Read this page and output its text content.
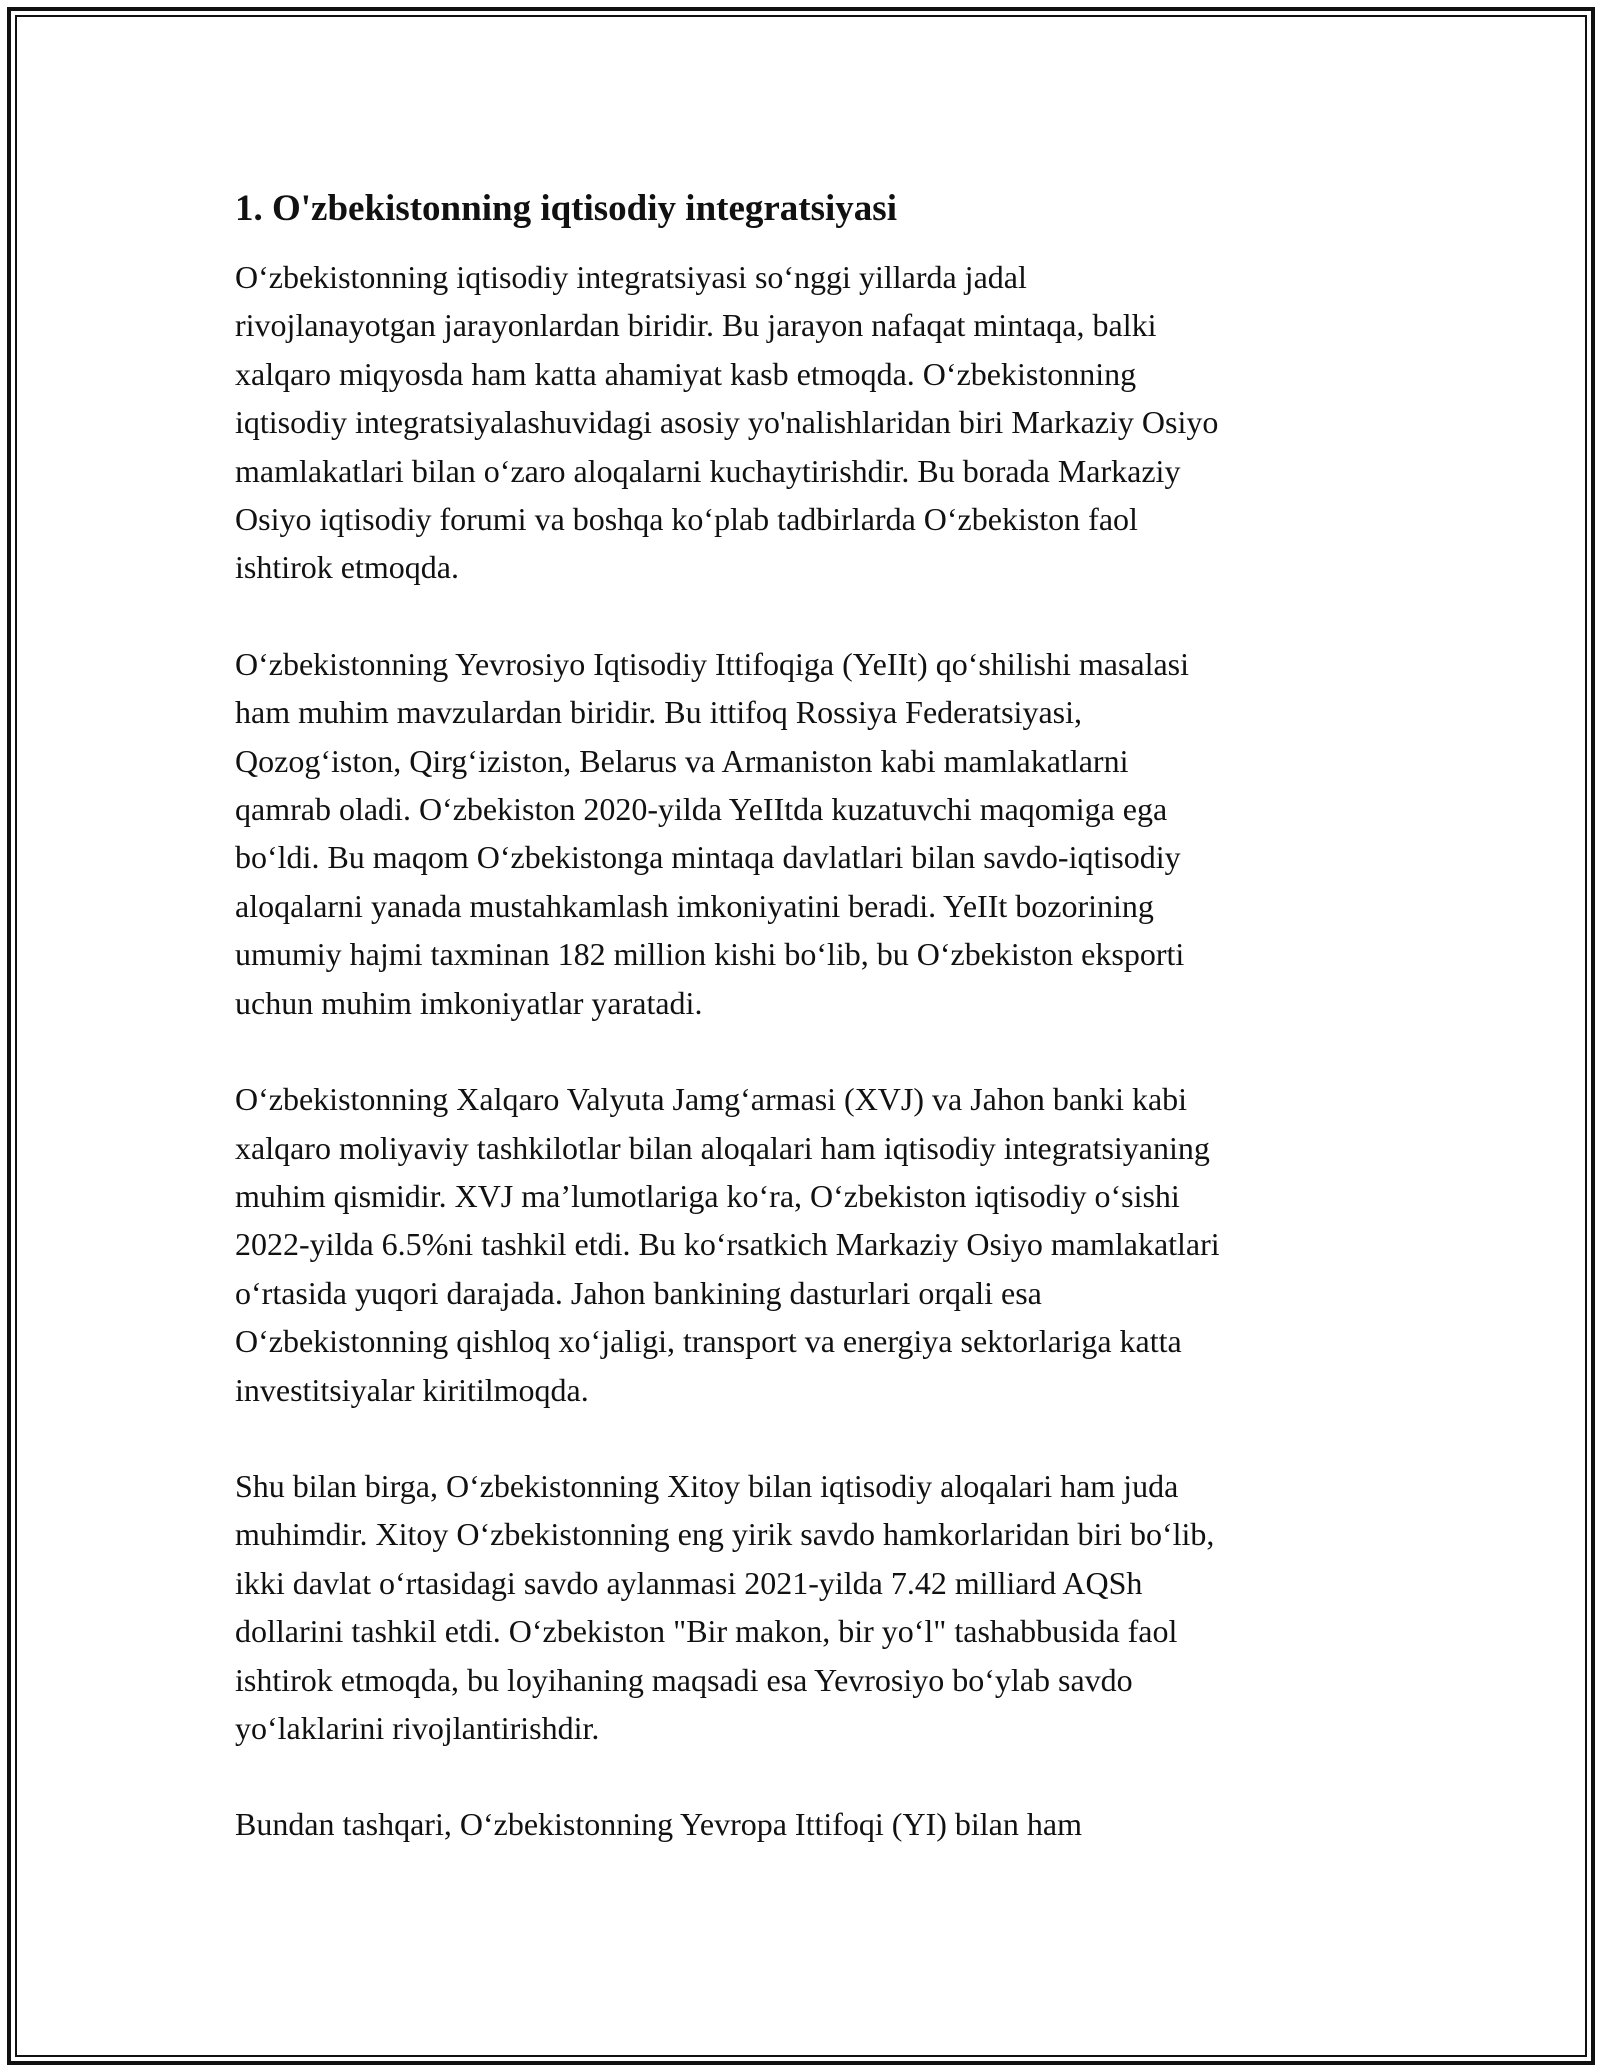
1. O'zbekistonning iqtisodiy integratsiyasi

O‘zbekistonning iqtisodiy integratsiyasi so‘nggi yillarda jadal
rivojlanayotgan jarayonlardan biridir. Bu jarayon nafaqat mintaqa, balki
xalqaro miqyosda ham katta ahamiyat kasb etmoqda. O‘zbekistonning
iqtisodiy integratsiyalashuvidagi asosiy yo'nalishlaridan biri Markaziy Osiyo
mamlakatlari bilan o‘zaro aloqalarni kuchaytirishdir. Bu borada Markaziy
Osiyo iqtisodiy forumi va boshqa ko‘plab tadbirlarda O‘zbekiston faol
ishtirok etmoqda.

O‘zbekistonning Yevrosiyo Iqtisodiy Ittifoqiga (YeIIt) qo‘shilishi masalasi
ham muhim mavzulardan biridir. Bu ittifoq Rossiya Federatsiyasi,
Qozog‘iston, Qirg‘iziston, Belarus va Armaniston kabi mamlakatlarni
qamrab oladi. O‘zbekiston 2020-yilda YeIItda kuzatuvchi maqomiga ega
bo‘ldi. Bu maqom O‘zbekistonga mintaqa davlatlari bilan savdo-iqtisodiy
aloqalarni yanada mustahkamlash imkoniyatini beradi. YeIIt bozorining
umumiy hajmi taxminan 182 million kishi bo‘lib, bu O‘zbekiston eksporti
uchun muhim imkoniyatlar yaratadi.

O‘zbekistonning Xalqaro Valyuta Jamg‘armasi (XVJ) va Jahon banki kabi
xalqaro moliyaviy tashkilotlar bilan aloqalari ham iqtisodiy integratsiyaning
muhim qismidir. XVJ ma’lumotlariga ko‘ra, O‘zbekiston iqtisodiy o‘sishi
2022-yilda 6.5%ni tashkil etdi. Bu ko‘rsatkich Markaziy Osiyo mamlakatlari
o‘rtasida yuqori darajada. Jahon bankining dasturlari orqali esa
O‘zbekistonning qishloq xo‘jaligi, transport va energiya sektorlariga katta
investitsiyalar kiritilmoqda.

Shu bilan birga, O‘zbekistonning Xitoy bilan iqtisodiy aloqalari ham juda
muhimdir. Xitoy O‘zbekistonning eng yirik savdo hamkorlaridan biri bo‘lib,
ikki davlat o‘rtasidagi savdo aylanmasi 2021-yilda 7.42 milliard AQSh
dollarini tashkil etdi. O‘zbekiston "Bir makon, bir yo‘l" tashabbusida faol
ishtirok etmoqda, bu loyihaning maqsadi esa Yevrosiyo bo‘ylab savdo
yo‘laklarini rivojlantirishdir.

Bundan tashqari, O‘zbekistonning Yevropa Ittifoqi (YI) bilan ham
